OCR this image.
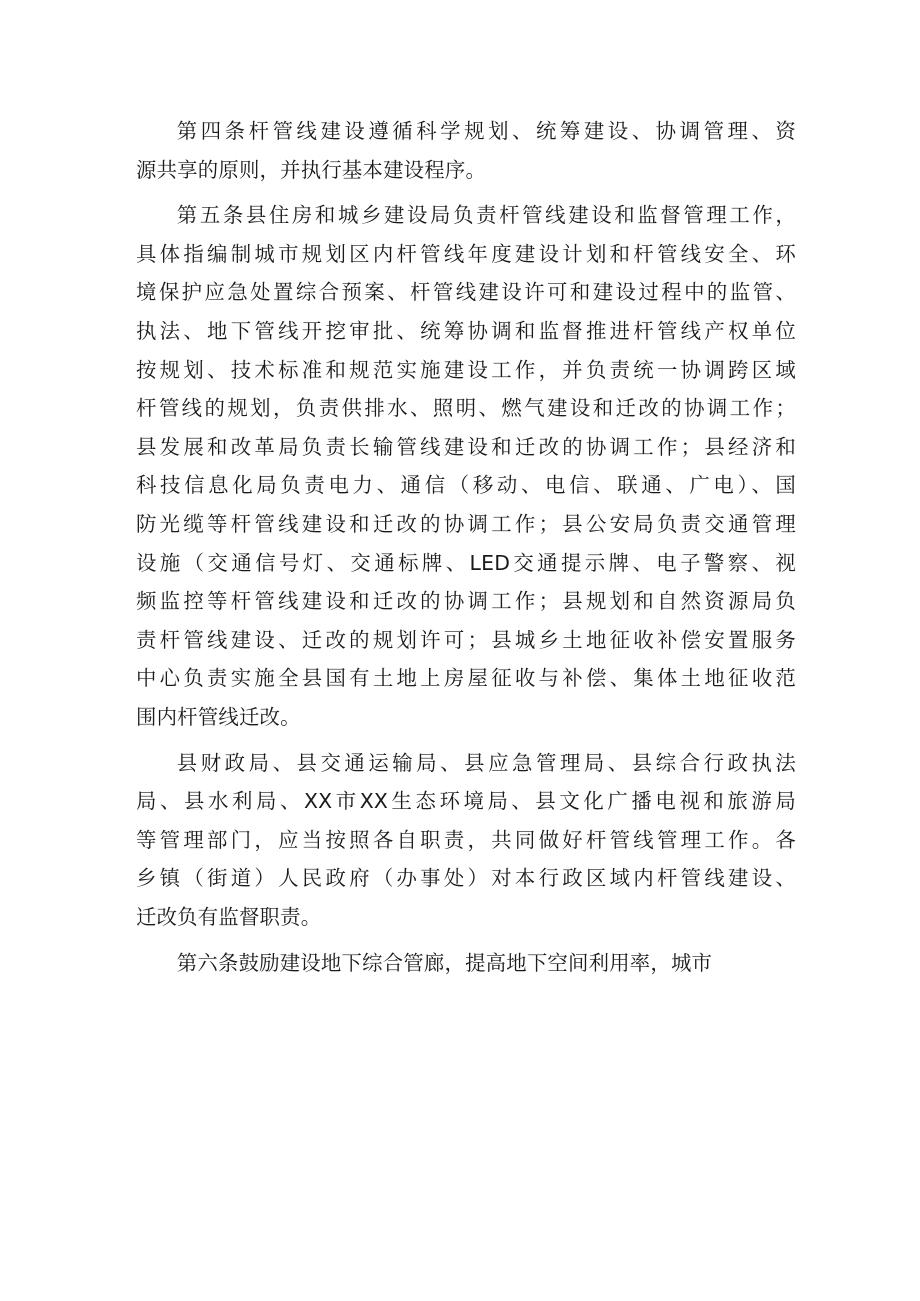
第四条杆管线建设遵循科学规划、统筹建设、协调管理、资
源共享的原则，并执行基本建设程序。
第五条县住房和城乡建设局负责杆管线建设和监督管理工作，
具体指编制城市规划区内杆管线年度建设计划和杆管线安全、环
境保护应急处置综合预案、杆管线建设许可和建设过程中的监管、
执法、地下管线开挖审批、统筹协调和监督推进杆管线产权单位
按规划、技术标准和规范实施建设工作，并负责统一协调跨区域
杆管线的规划，负责供排水、照明、燃气建设和迁改的协调工作；
县发展和改革局负责长输管线建设和迁改的协调工作；县经济和
科技信息化局负责电力、通信（移动、电信、联通、广电）、国
防光缆等杆管线建设和迁改的协调工作；县公安局负责交通管理
设施（交通信号灯、交通标牌、LED交通提示牌、电子警察、视
频监控等杆管线建设和迁改的协调工作；县规划和自然资源局负
责杆管线建设、迁改的规划许可；县城乡土地征收补偿安置服务
中心负责实施全县国有土地上房屋征收与补偿、集体土地征收范
围内杆管线迁改。
县财政局、县交通运输局、县应急管理局、县综合行政执法
局、县水利局、XX市XX生态环境局、县文化广播电视和旅游局
等管理部门，应当按照各自职责，共同做好杆管线管理工作。各
乡镇（街道）人民政府（办事处）对本行政区域内杆管线建设、
迁改负有监督职责。
第六条鼓励建设地下综合管廊，提高地下空间利用率，城市
